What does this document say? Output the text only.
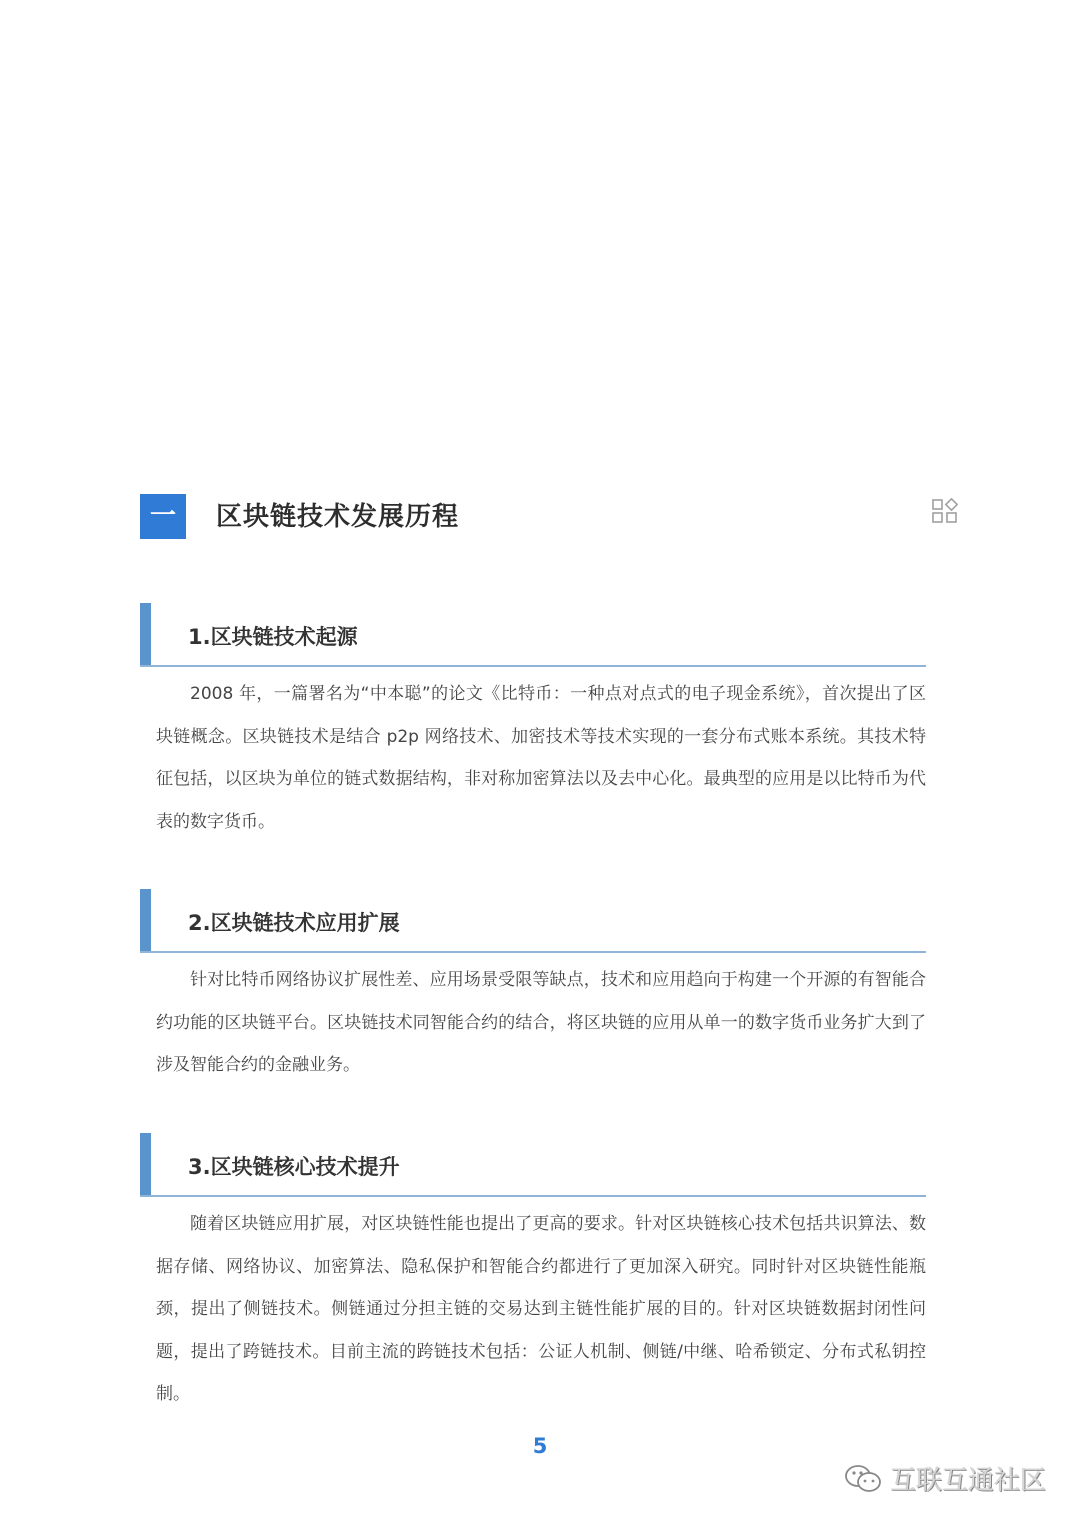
一	区块链技术发展历程
1.区块链技术起源

2008 年，一篇署名为“中本聪”的论文《比特币：一种点对点式的电子现金系统》，首次提出了区块链概念。区块链技术是结合 p2p 网络技术、加密技术等技术实现的一套分布式账本系统。其技术特征包括，以区块为单位的链式数据结构，非对称加密算法以及去中心化。最典型的应用是以比特币为代表的数字货币。

2.区块链技术应用扩展

针对比特币网络协议扩展性差、应用场景受限等缺点，技术和应用趋向于构建一个开源的有智能合约功能的区块链平台。区块链技术同智能合约的结合，将区块链的应用从单一的数字货币业务扩大到了涉及智能合约的金融业务。

3.区块链核心技术提升

随着区块链应用扩展，对区块链性能也提出了更高的要求。针对区块链核心技术包括共识算法、数据存储、网络协议、加密算法、隐私保护和智能合约都进行了更加深入研究。同时针对区块链性能瓶颈，提出了侧链技术。侧链通过分担主链的交易达到主链性能扩展的目的。针对区块链数据封闭性问题，提出了跨链技术。目前主流的跨链技术包括：公证人机制、侧链/中继、哈希锁定、分布式私钥控制。

5
互联互通社区
